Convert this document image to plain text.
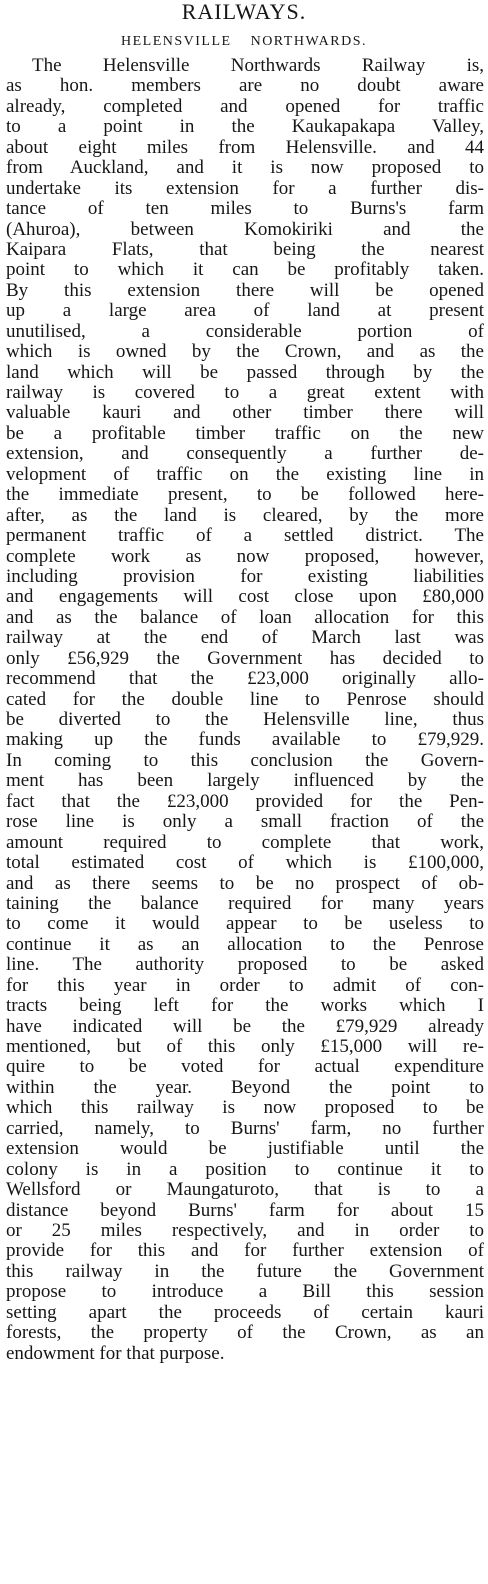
RAILWAYS.
HELENSVILLE NORTHWARDS.
The Helensville Northwards Railway is,
as hon. members are no doubt aware
already, completed and opened for traffic
to a point in the Kaukapakapa Valley,
about eight miles from Helensville. and 44
from Auckland, and it is now proposed to
undertake its extension for a further dis-
tance of ten miles to Burns's farm
(Ahuroa), between Komokiriki and the
Kaipara Flats, that being the nearest
point to which it can be profitably taken.
By this extension there will be opened
up a large area of land at present
unutilised, a considerable portion of
which is owned by the Crown, and as the
land which will be passed through by the
railway is covered to a great extent with
valuable kauri and other timber there will
be a profitable timber traffic on the new
extension, and consequently a further de-
velopment of traffic on the existing line in
the immediate present, to be followed here-
after, as the land is cleared, by the more
permanent traffic of a settled district. The
complete work as now proposed, however,
including provision for existing liabilities
and engagements will cost close upon £80,000
and as the balance of loan allocation for this
railway at the end of March last was
only £56,929 the Government has decided to
recommend that the £23,000 originally allo-
cated for the double line to Penrose should
be diverted to the Helensville line, thus
making up the funds available to £79,929.
In coming to this conclusion the Govern-
ment has been largely influenced by the
fact that the £23,000 provided for the Pen-
rose line is only a small fraction of the
amount required to complete that work,
total estimated cost of which is £100,000,
and as there seems to be no prospect of ob-
taining the balance required for many years
to come it would appear to be useless to
continue it as an allocation to the Penrose
line. The authority proposed to be asked
for this year in order to admit of con-
tracts being left for the works which I
have indicated will be the £79,929 already
mentioned, but of this only £15,000 will re-
quire to be voted for actual expenditure
within the year. Beyond the point to
which this railway is now proposed to be
carried, namely, to Burns' farm, no further
extension would be justifiable until the
colony is in a position to continue it to
Wellsford or Maungaturoto, that is to a
distance beyond Burns' farm for about 15
or 25 miles respectively, and in order to
provide for this and for further extension of
this railway in the future the Government
propose to introduce a Bill this session
setting apart the proceeds of certain kauri
forests, the property of the Crown, as an
endowment for that purpose.
